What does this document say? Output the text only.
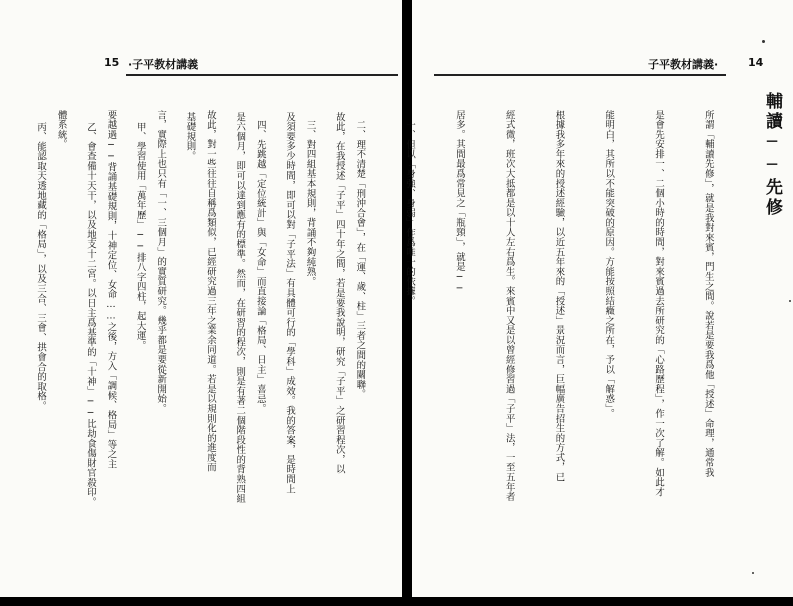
15 ·子平教材講義

故此，在我授述「子平」四十年之間，若是要我說明，研究「子平」之研習程次，以

及須要多少時間，即可以對「子平法」有具體可行的「學科」成效。我的答案，是時間上

是六個月，即可以達到應有的標準。然而，在研習的程次，則是有著二個階段性的背熟四組

基礎規則。

甲、學習使用「萬年歷」──排八字四柱，起大運。

乙、會查備十天干，以及地支十二宮。以日主爲基準的「十神」──比劫食傷財官殺印。

丙、能認取天透地藏的「格局」，以及三合、三會、拱會合的取格。

子平教材講義·	14
輔讀──先修

所謂「輔讀先修」，就是我對來賓，門生之間。說若是要我爲他「授述」命理，通常我

是會先安排一、二個小時的時間，對來賓過去所研究的「心路歷程」，作一次了解。如此才

能明白，其所以不能突破的原因。方能按照結癥之所在，予以「解惑」。

根據我多年來的授述經驗，以近五年來的「授述」景況而言，巨幅廣告招生的方式，已

經式微，班次大抵都是以十人左右爲生。來賓中又是以曾經修習過「子平」法，一至五年者

居多。其間最爲常見之「瓶頸」，就是──

一、但以「身強、身弱」作爲唯一的依據。

二、理不清楚「刑沖合會」，在「運、歲、柱」三者之間的關聯。

三、對四組基本規則，背誦不夠純熟。

四、先跳越「定位統計」與「女命」而直接論「格局、日主」喜忌。

故此，對一些往往自稱爲類似，已經研究過三年之業余同道。若是以規則化的進度而

言，實際上也只有「一、三個月」的實質研究。幾乎都是要從新開始。

要越過──背誦基礎規則，十神定位、女命……之後，方入「調候、格局」等之主

體系統。
